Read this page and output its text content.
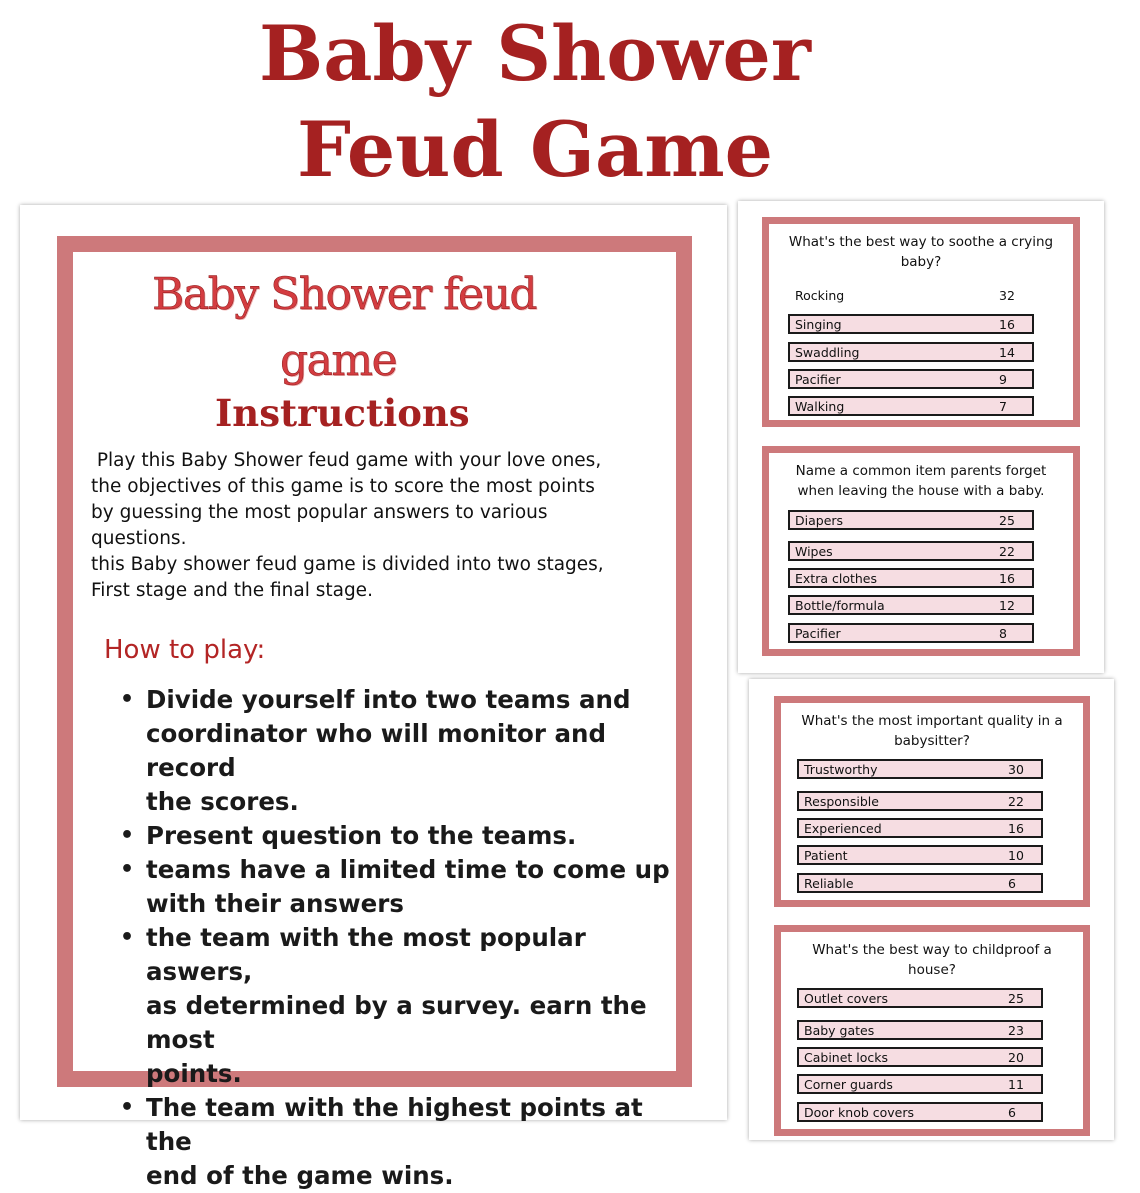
Baby Shower
Feud Game
Baby Shower feud
game
Instructions

Play this Baby Shower feud game with your love ones,

the objectives of this game is to score the most points

by guessing the most popular answers to various

questions.

this Baby shower feud game is divided into two stages,

First stage and the final stage.

How to play:
• Divide yourself into two teams and
coordinator who will monitor and record
the scores.
• Present question to the teams.
• teams have a limited time to come up
with their answers
• the team with the most popular aswers,
as determined by a survey. earn the most
points.
• The team with the highest points at the
end of the game wins.
What's the best way to soothe a crying
baby?
Rocking	32
Singing	16
Swaddling	14
Pacifier	9
Walking	7
Name a common item parents forget
when leaving the house with a baby.
Diapers	25
Wipes	22
Extra clothes	16
Bottle/formula	12
Pacifier	8
What's the most important quality in a
babysitter?
Trustworthy	30
Responsible	22
Experienced	16
Patient	10
Reliable	6
What's the best way to childproof a
house?
Outlet covers	25
Baby gates	23
Cabinet locks	20
Corner guards	11
Door knob covers	6
